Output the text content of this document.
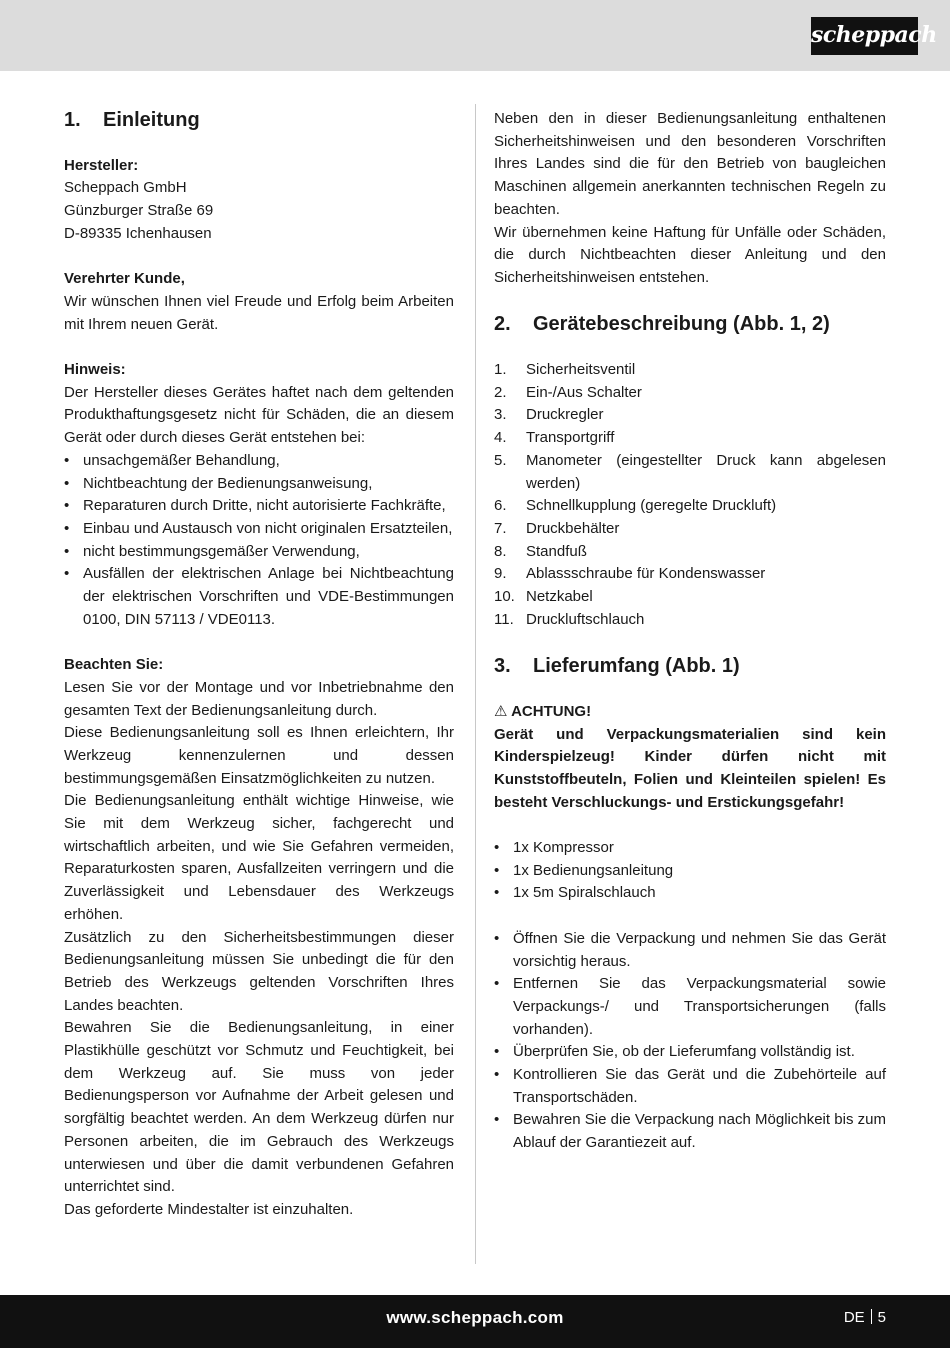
scheppach
1.	Einleitung

Hersteller:

Scheppach GmbH

Günzburger Straße 69

D-89335 Ichenhausen

Verehrter Kunde,

Wir wünschen Ihnen viel Freude und Erfolg beim Arbeiten mit Ihrem neuen Gerät.

Hinweis:

Der Hersteller dieses Gerätes haftet nach dem geltenden Produkthaftungsgesetz nicht für Schäden, die an diesem Gerät oder durch dieses Gerät entstehen bei:

• unsachgemäßer Behandlung,
• Nichtbeachtung der Bedienungsanweisung,
• Reparaturen durch Dritte, nicht autorisierte Fachkräfte,
• Einbau und Austausch von nicht originalen Ersatzteilen,
• nicht bestimmungsgemäßer Verwendung,
• Ausfällen der elektrischen Anlage bei Nichtbeachtung der elektrischen Vorschriften und VDE-Bestimmungen 0100, DIN 57113 / VDE0113.

Beachten Sie:

Lesen Sie vor der Montage und vor Inbetriebnahme den gesamten Text der Bedienungsanleitung durch.

Diese Bedienungsanleitung soll es Ihnen erleichtern, Ihr Werkzeug kennenzulernen und dessen bestimmungsgemäßen Einsatzmöglichkeiten zu nutzen.

Die Bedienungsanleitung enthält wichtige Hinweise, wie Sie mit dem Werkzeug sicher, fachgerecht und wirtschaftlich arbeiten, und wie Sie Gefahren vermeiden, Reparaturkosten sparen, Ausfallzeiten verringern und die Zuverlässigkeit und Lebensdauer des Werkzeugs erhöhen.

Zusätzlich zu den Sicherheitsbestimmungen dieser Bedienungsanleitung müssen Sie unbedingt die für den Betrieb des Werkzeugs geltenden Vorschriften Ihres Landes beachten.

Bewahren Sie die Bedienungsanleitung, in einer Plastikhülle geschützt vor Schmutz und Feuchtigkeit, bei dem Werkzeug auf. Sie muss von jeder Bedienungsperson vor Aufnahme der Arbeit gelesen und sorgfältig beachtet werden. An dem Werkzeug dürfen nur Personen arbeiten, die im Gebrauch des Werkzeugs unterwiesen und über die damit verbundenen Gefahren unterrichtet sind.

Das geforderte Mindestalter ist einzuhalten.

Neben den in dieser Bedienungsanleitung enthaltenen Sicherheitshinweisen und den besonderen Vorschriften Ihres Landes sind die für den Betrieb von baugleichen Maschinen allgemein anerkannten technischen Regeln zu beachten.

Wir übernehmen keine Haftung für Unfälle oder Schäden, die durch Nichtbeachten dieser Anleitung und den Sicherheitshinweisen entstehen.

2.	Gerätebeschreibung (Abb. 1, 2)
1.	Sicherheitsventil
2.	Ein-/Aus Schalter
3.	Druckregler
4.	Transportgriff
5.	Manometer (eingestellter Druck kann abgelesen werden)
6.	Schnellkupplung (geregelte Druckluft)
7.	Druckbehälter
8.	Standfuß
9.	Ablassschraube für Kondenswasser
10. Netzkabel
11. Druckluftschlauch
3.	Lieferumfang (Abb. 1)

⚠ ACHTUNG!

Gerät und Verpackungsmaterialien sind kein Kinderspielzeug! Kinder dürfen nicht mit Kunststoffbeuteln, Folien und Kleinteilen spielen! Es besteht Verschluckungs- und Erstickungsgefahr!

• 1x Kompressor
• 1x Bedienungsanleitung
• 1x 5m Spiralschlauch
• Öffnen Sie die Verpackung und nehmen Sie das Gerät vorsichtig heraus.
• Entfernen Sie das Verpackungsmaterial sowie Verpackungs-/ und Transportsicherungen (falls vorhanden).
• Überprüfen Sie, ob der Lieferumfang vollständig ist.
• Kontrollieren Sie das Gerät und die Zubehörteile auf Transportschäden.
• Bewahren Sie die Verpackung nach Möglichkeit bis zum Ablauf der Garantiezeit auf.
www.scheppach.com	DE 5
